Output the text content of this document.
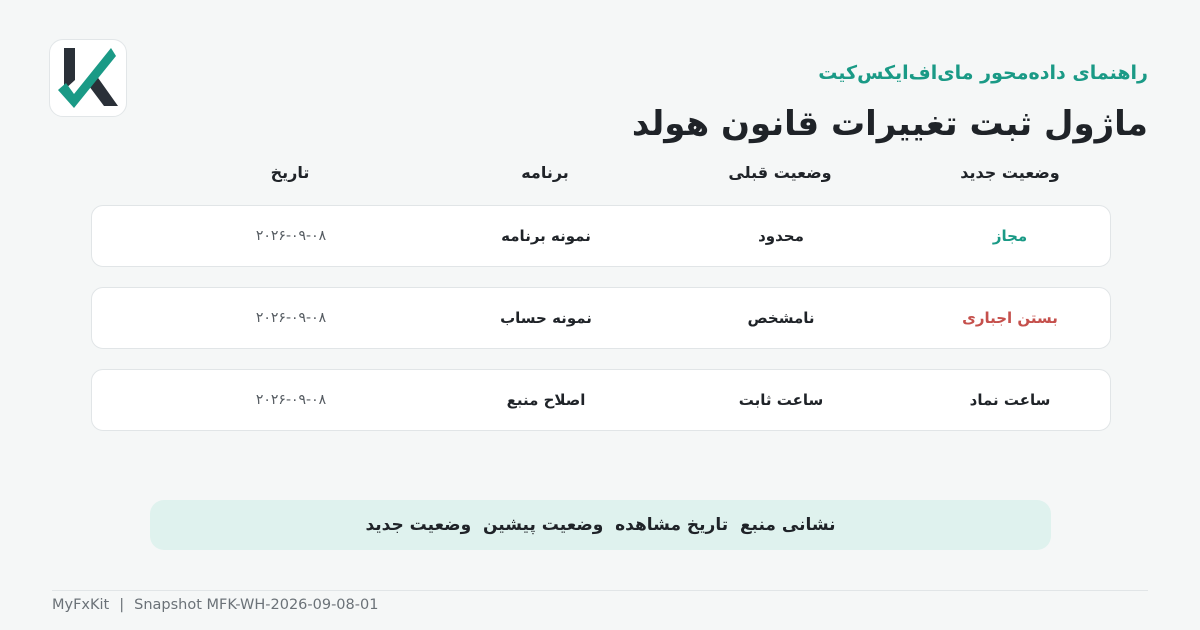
راهنمای داده‌محور مای‌اف‌ایکس‌کیت
ماژول ثبت تغییرات قانون هولد
وضعیت جدید
وضعیت قبلی
برنامه
تاریخ
مجاز
محدود
نمونه برنامه
۲۰۲۶-۰۹-۰۸
بستن اجباری
نامشخص
نمونه حساب
۲۰۲۶-۰۹-۰۸
ساعت نماد
ساعت ثابت
اصلاح منبع
۲۰۲۶-۰۹-۰۸
نشانی منبع ￼ تاریخ مشاهده ￼ وضعیت پیشین ￼ وضعیت جدید
MyFxKit | Snapshot MFK-WH-2026-09-08-01
